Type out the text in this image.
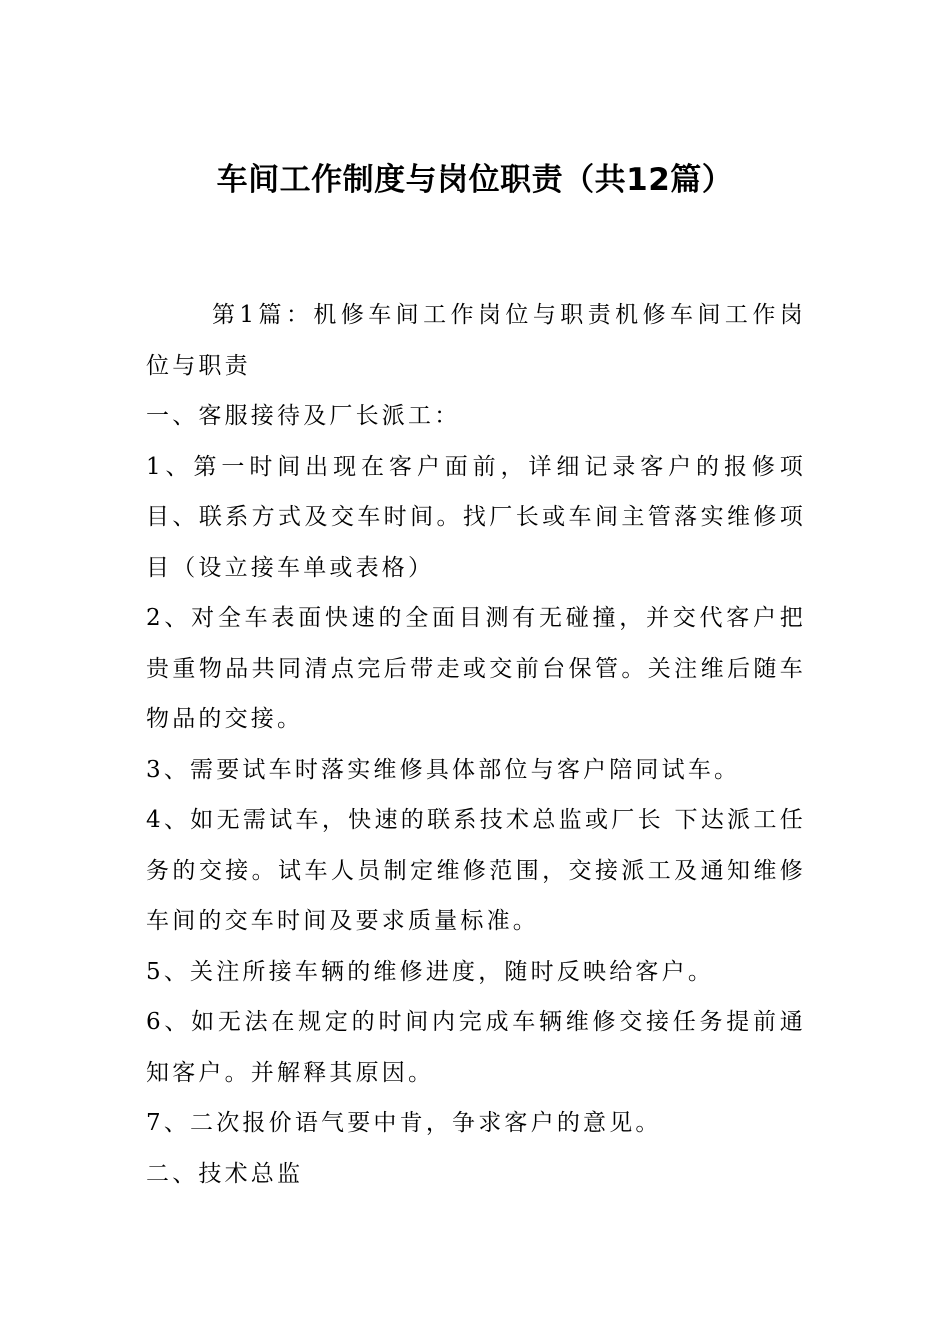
车间工作制度与岗位职责（共12篇）

第1篇：机修车间工作岗位与职责机修车间工作岗位与职责

一、客服接待及厂长派工：

1、第一时间出现在客户面前，详细记录客户的报修项目、联系方式及交车时间。找厂长或车间主管落实维修项目（设立接车单或表格）

2、对全车表面快速的全面目测有无碰撞，并交代客户把贵重物品共同清点完后带走或交前台保管。关注维后随车物品的交接。

3、需要试车时落实维修具体部位与客户陪同试车。

4、如无需试车，快速的联系技术总监或厂长 下达派工任务的交接。试车人员制定维修范围，交接派工及通知维修车间的交车时间及要求质量标准。

5、关注所接车辆的维修进度，随时反映给客户。

6、如无法在规定的时间内完成车辆维修交接任务提前通知客户。并解释其原因。

7、二次报价语气要中肯，争求客户的意见。

二、技术总监
